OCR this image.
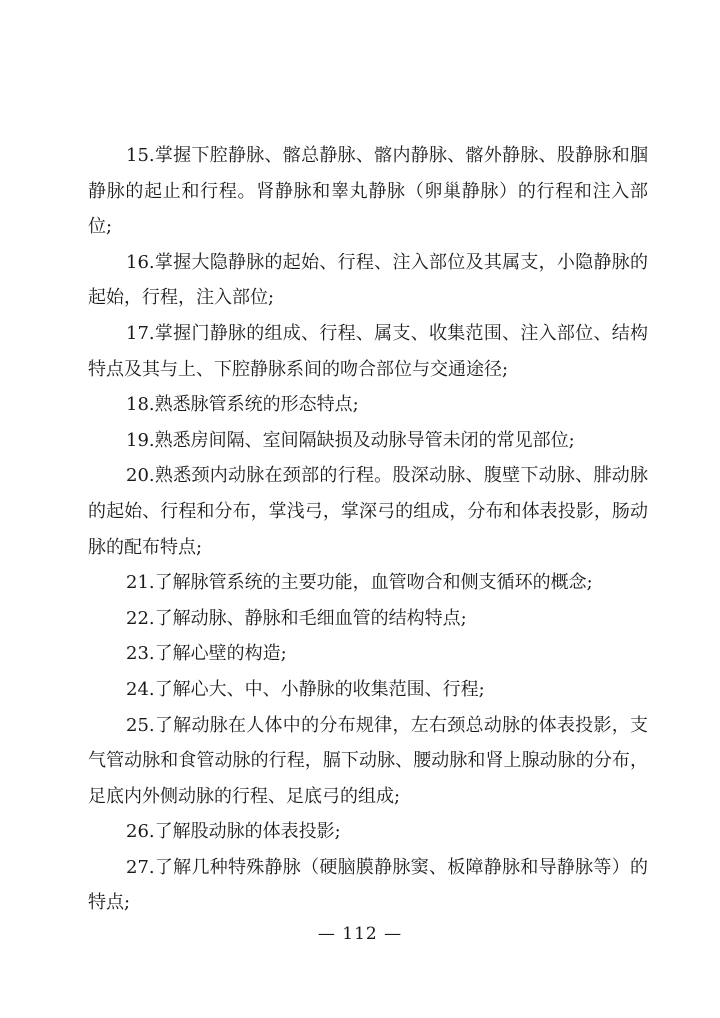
15.掌握下腔静脉、髂总静脉、髂内静脉、髂外静脉、股静脉和腘静脉的起止和行程。肾静脉和睾丸静脉（卵巢静脉）的行程和注入部位;

16.掌握大隐静脉的起始、行程、注入部位及其属支，小隐静脉的起始，行程，注入部位;

17.掌握门静脉的组成、行程、属支、收集范围、注入部位、结构特点及其与上、下腔静脉系间的吻合部位与交通途径;

18.熟悉脉管系统的形态特点;

19.熟悉房间隔、室间隔缺损及动脉导管未闭的常见部位;

20.熟悉颈内动脉在颈部的行程。股深动脉、腹壁下动脉、腓动脉的起始、行程和分布，掌浅弓，掌深弓的组成，分布和体表投影，肠动脉的配布特点;

21.了解脉管系统的主要功能，血管吻合和侧支循环的概念;

22.了解动脉、静脉和毛细血管的结构特点;

23.了解心壁的构造;

24.了解心大、中、小静脉的收集范围、行程;

25.了解动脉在人体中的分布规律，左右颈总动脉的体表投影，支气管动脉和食管动脉的行程，膈下动脉、腰动脉和肾上腺动脉的分布，足底内外侧动脉的行程、足底弓的组成;

26.了解股动脉的体表投影;

27.了解几种特殊静脉（硬脑膜静脉窦、板障静脉和导静脉等）的特点;

— 112 —
